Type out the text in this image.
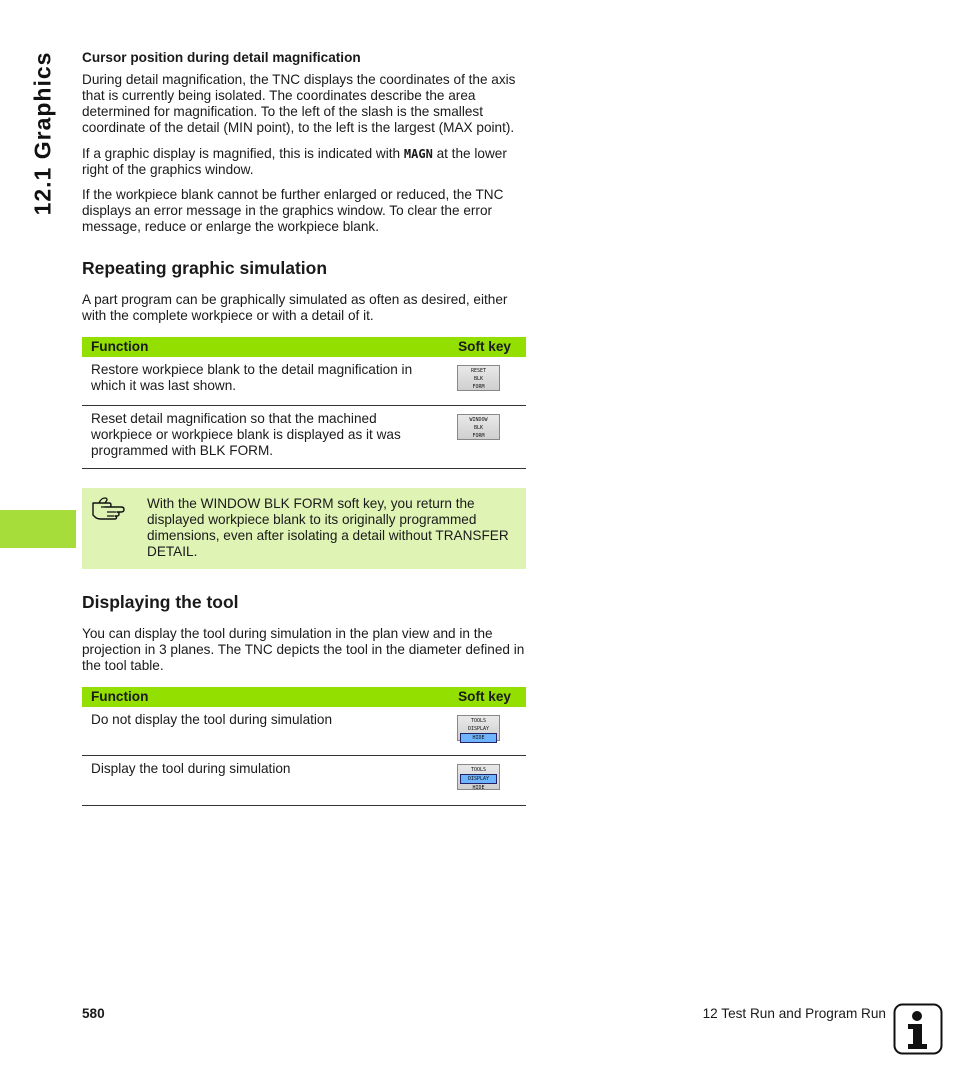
12.1 Graphics Cursor position during detail magnification

During detail magnification, the TNC displays the coordinates of the axis that is currently being isolated. The coordinates describe the area determined for magnification. To the left of the slash is the smallest coordinate of the detail (MIN point), to the left is the largest (MAX point).

If a graphic display is magnified, this is indicated with MAGN at the lower right of the graphics window.

If the workpiece blank cannot be further enlarged or reduced, the TNC displays an error message in the graphics window. To clear the error message, reduce or enlarge the workpiece blank.

Repeating graphic simulation

A part program can be graphically simulated as often as desired, either with the complete workpiece or with a detail of it.

Function	Soft key
Restore workpiece blank to the detail magnification in which it was last shown.	RESET
BLK
FORM

Reset detail magnification so that the machined workpiece or workpiece blank is displayed as it was programmed with BLK FORM.	WINDOW
BLK
FORM

With the WINDOW BLK FORM soft key, you return the displayed workpiece blank to its originally programmed dimensions, even after isolating a detail without TRANSFER DETAIL.

Displaying the tool

You can display the tool during simulation in the plan view and in the projection in 3 planes. The TNC depicts the tool in the diameter defined in the tool table.

Function	Soft key
Do not display the tool during simulation	TOOLS
DISPLAY
HIDE

Display the tool during simulation	TOOLS
DISPLAY
HIDE
580	12 Test Run and Program Run
